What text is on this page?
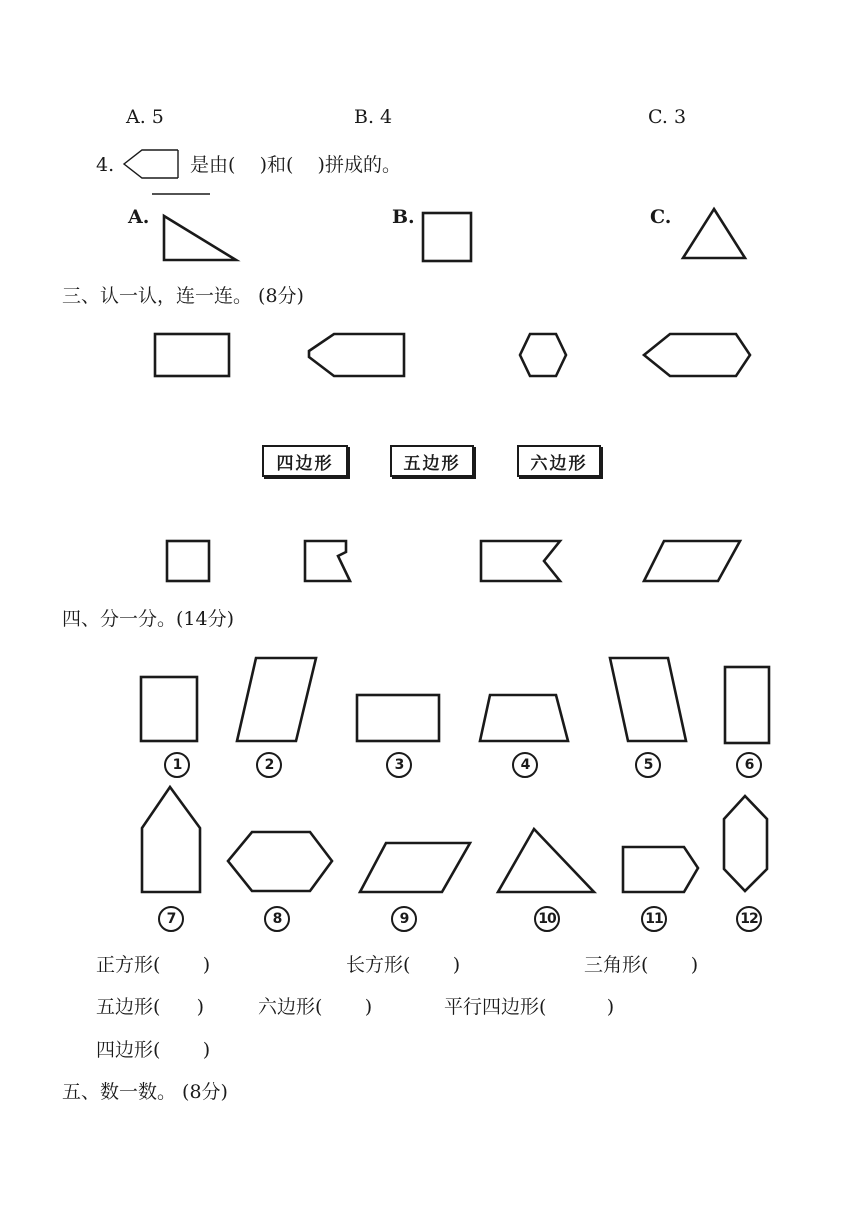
A. 5	B. 4	C. 3
4.	是由(    )和(    )拼成的。
A.	B.	C.
三、认一认，连一连。 (8分)
四边形	五边形	六边形
四、分一分。(14分)
1	2	3	4	5	6
7	8	9	10	11	12
正方形(       )	长方形(       )	三角形(       )
五边形(      )	六边形(       )	平行四边形(          )
四边形(       )
五、数一数。 (8分)
